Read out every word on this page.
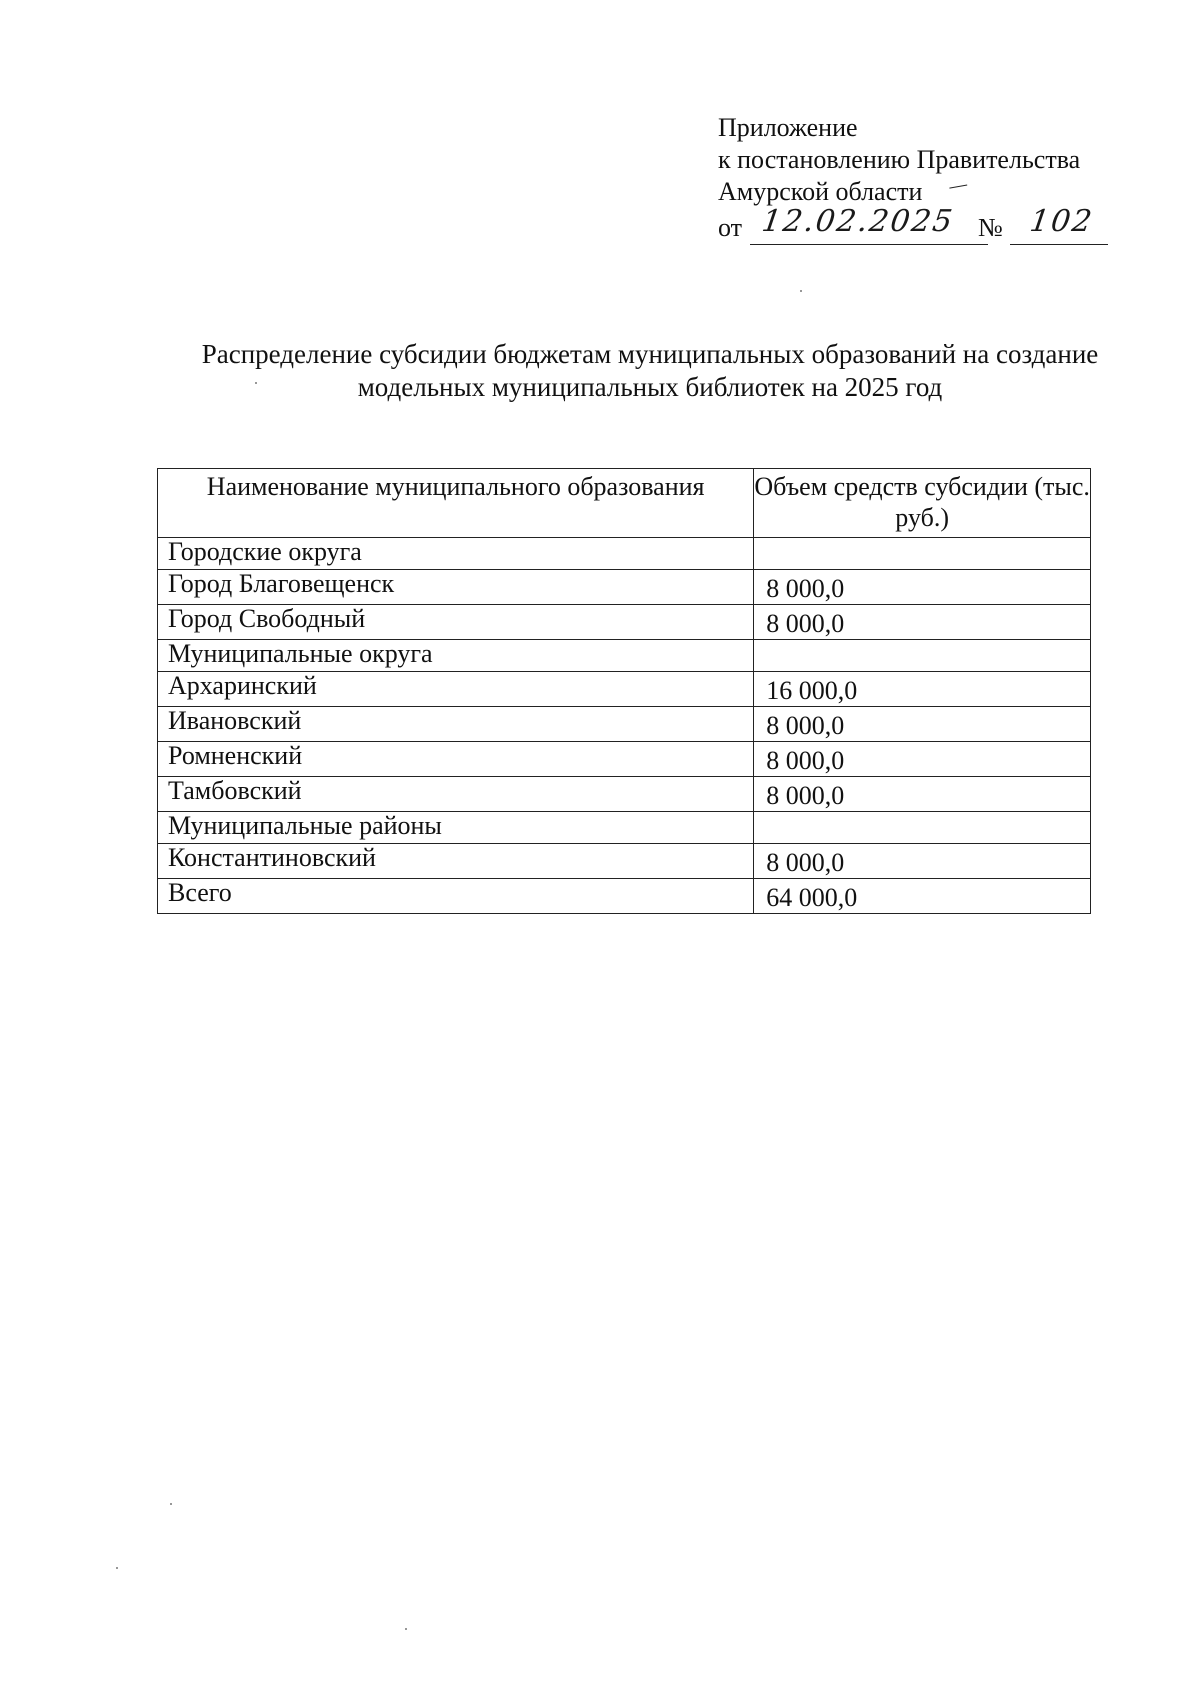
Приложение
к постановлению Правительства
Амурской области
от 12.02.2025 № 102
Распределение субсидии бюджетам муниципальных образований на создание
модельных муниципальных библиотек на 2025 год
Наименование муниципального образования	Объем средств субсидии (тыс. руб.)

Городские округа	

Город Благовещенск	8 000,0

Город Свободный	8 000,0

Муниципальные округа	

Архаринский	16 000,0

Ивановский	8 000,0

Ромненский	8 000,0

Тамбовский	8 000,0

Муниципальные районы	

Константиновский	8 000,0

Всего	64 000,0
